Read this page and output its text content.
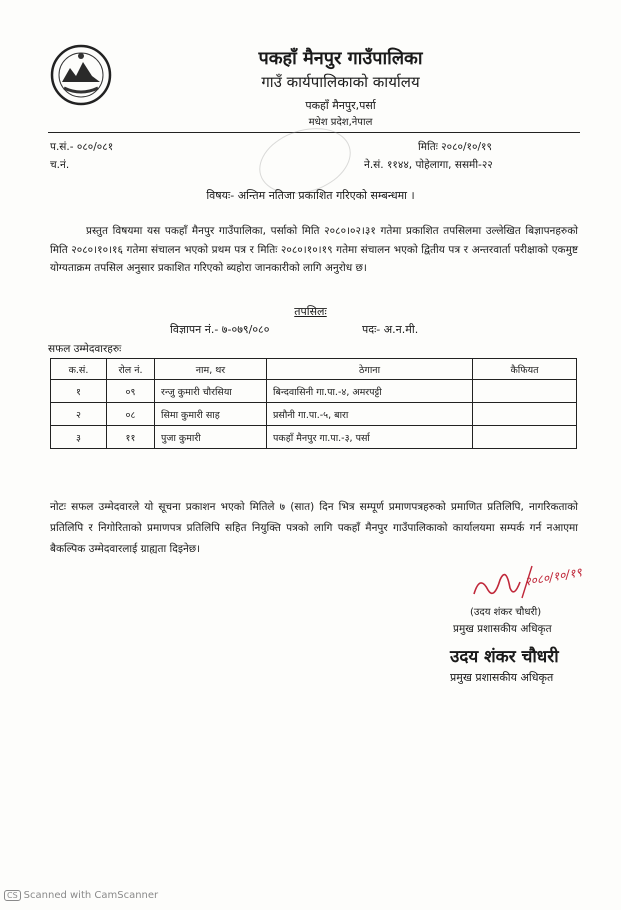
पकहाँ मैनपुर गाउँपालिका
गाउँ कार्यपालिकाको कार्यालय
पकहाँ मैनपुर,पर्सा
मधेश प्रदेश,नेपाल
प.सं.- ०८०/०८१
च.नं.
मितिः २०८०/१०/१९
ने.सं. ११४४, पोहेलागा, ससमी-२२
विषयः- अन्तिम नतिजा प्रकाशित गरिएको सम्बन्धमा ।
प्रस्तुत विषयमा यस पकहाँ मैनपुर गाउँपालिका, पर्साको मिति २०८०।०२।३१ गतेमा प्रकाशित तपसिलमा उल्लेखित बिज्ञापनहरुको मिति २०८०।१०।१६ गतेमा संचालन भएको प्रथम पत्र र मितिः २०८०।१०।१९ गतेमा संचालन भएको द्वितीय पत्र र अन्तरवार्ता परीक्षाको एकमुष्ट योग्यताक्रम तपसिल अनुसार प्रकाशित गरिएको ब्यहोरा जानकारीको लागि अनुरोध छ।
तपसिलः
विज्ञापन नं.- ७-०७९/०८०	पदः- अ.न.मी.
सफल उम्मेदवारहरुः
क.सं.	रोल नं.	नाम, थर	ठेगाना	कैफियत
१	०९	रन्जु कुमारी चौरसिया	बिन्दवासिनी गा.पा.-४, अमरपट्टी	
२	०८	सिमा कुमारी साह	प्रसौनी गा.पा.-५, बारा	
३	११	पुजा कुमारी	पकहाँ मैनपुर गा.पा.-३, पर्सा	
नोटः सफल उम्मेदवारले यो सूचना प्रकाशन भएको मितिले ७ (सात) दिन भित्र सम्पूर्ण प्रमाणपत्रहरुको प्रमाणित प्रतिलिपि, नागरिकताको प्रतिलिपि र निगोरिताको प्रमाणपत्र प्रतिलिपि सहित नियुक्ति पत्रको लागि पकहाँ मैनपुर गाउँपालिकाको कार्यालयमा सम्पर्क गर्न नआएमा बैकल्पिक उम्मेदवारलाई ग्राह्यता दिइनेछ।
२०८०/१०/१९
(उदय शंकर चौधरी)
प्रमुख प्रशासकीय अधिकृत
उदय शंकर चौधरी
प्रमुख प्रशासकीय अधिकृत
CS Scanned with CamScanner
